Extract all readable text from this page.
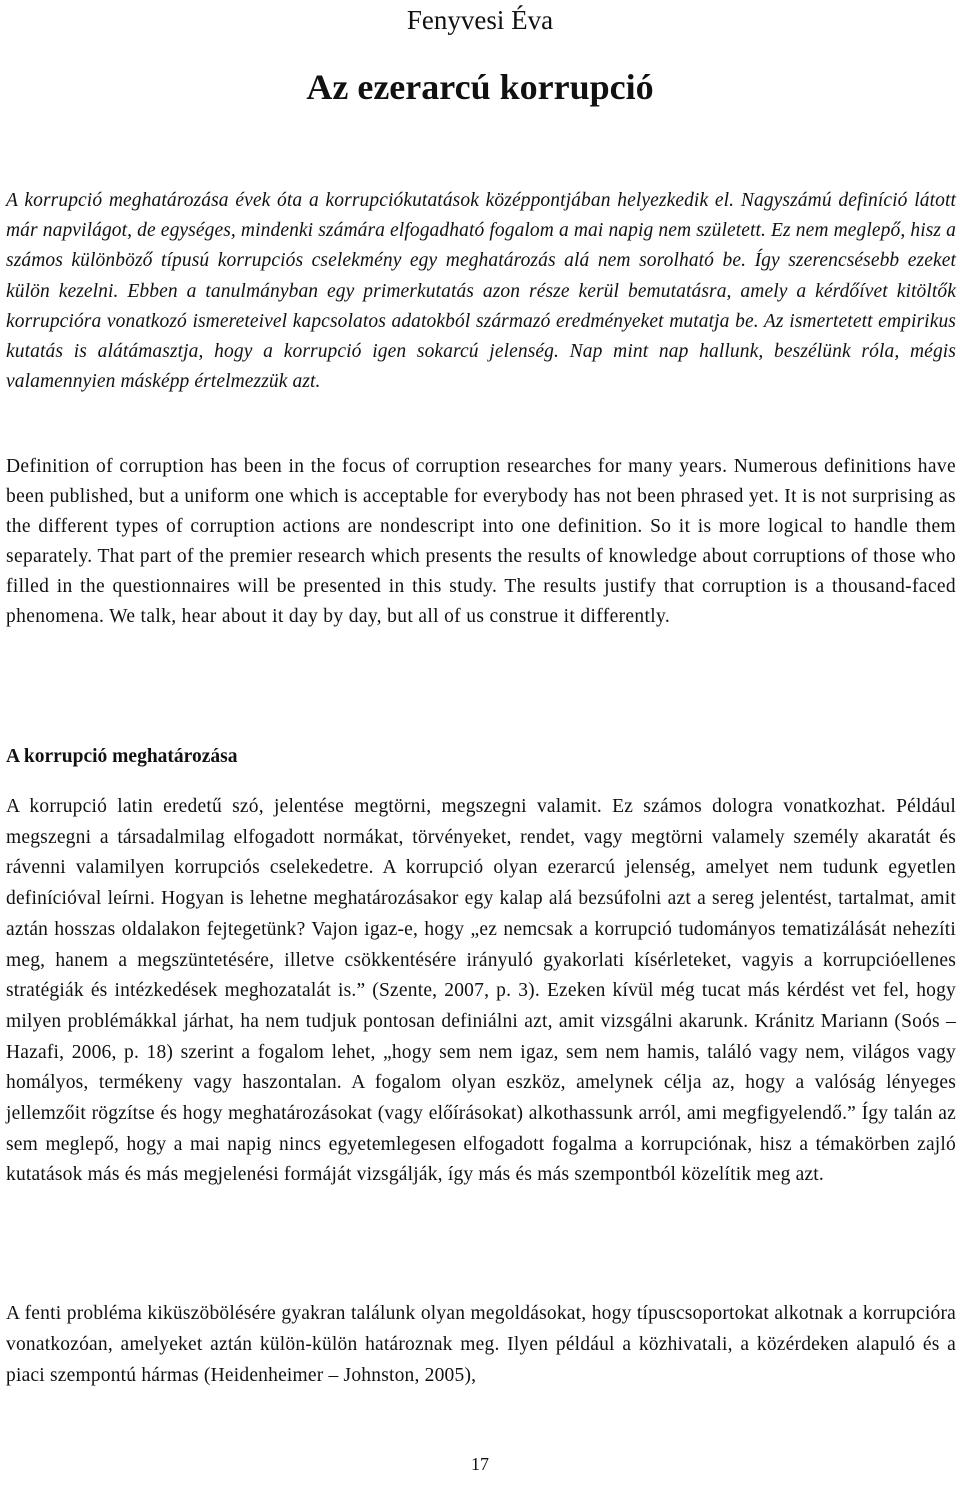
Fenyvesi Éva
Az ezerarcú korrupció

A korrupció meghatározása évek óta a korrupciókutatások középpontjában helyezkedik el. Nagyszámú definíció látott már napvilágot, de egységes, mindenki számára elfogadható fogalom a mai napig nem született. Ez nem meglepő, hisz a számos különböző típusú korrupciós cselekmény egy meghatározás alá nem sorolható be. Így szerencsésebb ezeket külön kezelni. Ebben a tanulmányban egy primerkutatás azon része kerül bemutatásra, amely a kérdőívet kitöltők korrupcióra vonatkozó ismereteivel kapcsolatos adatokból származó eredményeket mutatja be. Az ismertetett empirikus kutatás is alátámasztja, hogy a korrupció igen sokarcú jelenség. Nap mint nap hallunk, beszélünk róla, mégis valamennyien másképp értelmezzük azt.

Definition of corruption has been in the focus of corruption researches for many years. Numerous definitions have been published, but a uniform one which is acceptable for everybody has not been phrased yet. It is not surprising as the different types of corruption actions are nondescript into one definition. So it is more logical to handle them separately. That part of the premier research which presents the results of knowledge about corruptions of those who filled in the questionnaires will be presented in this study. The results justify that corruption is a thousand-faced phenomena. We talk, hear about it day by day, but all of us construe it differently.

A korrupció meghatározása

A korrupció latin eredetű szó, jelentése megtörni, megszegni valamit. Ez számos dologra vonatkozhat. Például megszegni a társadalmilag elfogadott normákat, törvényeket, rendet, vagy megtörni valamely személy akaratát és rávenni valamilyen korrupciós cselekedetre. A korrupció olyan ezerarcú jelenség, amelyet nem tudunk egyetlen definícióval leírni. Hogyan is lehetne meghatározásakor egy kalap alá bezsúfolni azt a sereg jelentést, tartalmat, amit aztán hosszas oldalakon fejtegetünk? Vajon igaz-e, hogy „ez nemcsak a korrupció tudományos tematizálását nehezíti meg, hanem a megszüntetésére, illetve csökkentésére irányuló gyakorlati kísérleteket, vagyis a korrupcióellenes stratégiák és intézkedések meghozatalát is.” (Szente, 2007, p. 3). Ezeken kívül még tucat más kérdést vet fel, hogy milyen problémákkal járhat, ha nem tudjuk pontosan definiálni azt, amit vizsgálni akarunk. Kránitz Mariann (Soós – Hazafi, 2006, p. 18) szerint a fogalom lehet, „hogy sem nem igaz, sem nem hamis, találó vagy nem, világos vagy homályos, termékeny vagy haszontalan. A fogalom olyan eszköz, amelynek célja az, hogy a valóság lényeges jellemzőit rögzítse és hogy meghatározásokat (vagy előírásokat) alkothassunk arról, ami megfigyelendő.” Így talán az sem meglepő, hogy a mai napig nincs egyetemlegesen elfogadott fogalma a korrupciónak, hisz a témakörben zajló kutatások más és más megjelenési formáját vizsgálják, így más és más szempontból közelítik meg azt.

A fenti probléma kiküszöbölésére gyakran találunk olyan megoldásokat, hogy típuscsoportokat alkotnak a korrupcióra vonatkozóan, amelyeket aztán külön-külön határoznak meg. Ilyen például a közhivatali, a közérdeken alapuló és a piaci szempontú hármas (Heidenheimer – Johnston, 2005),

17
